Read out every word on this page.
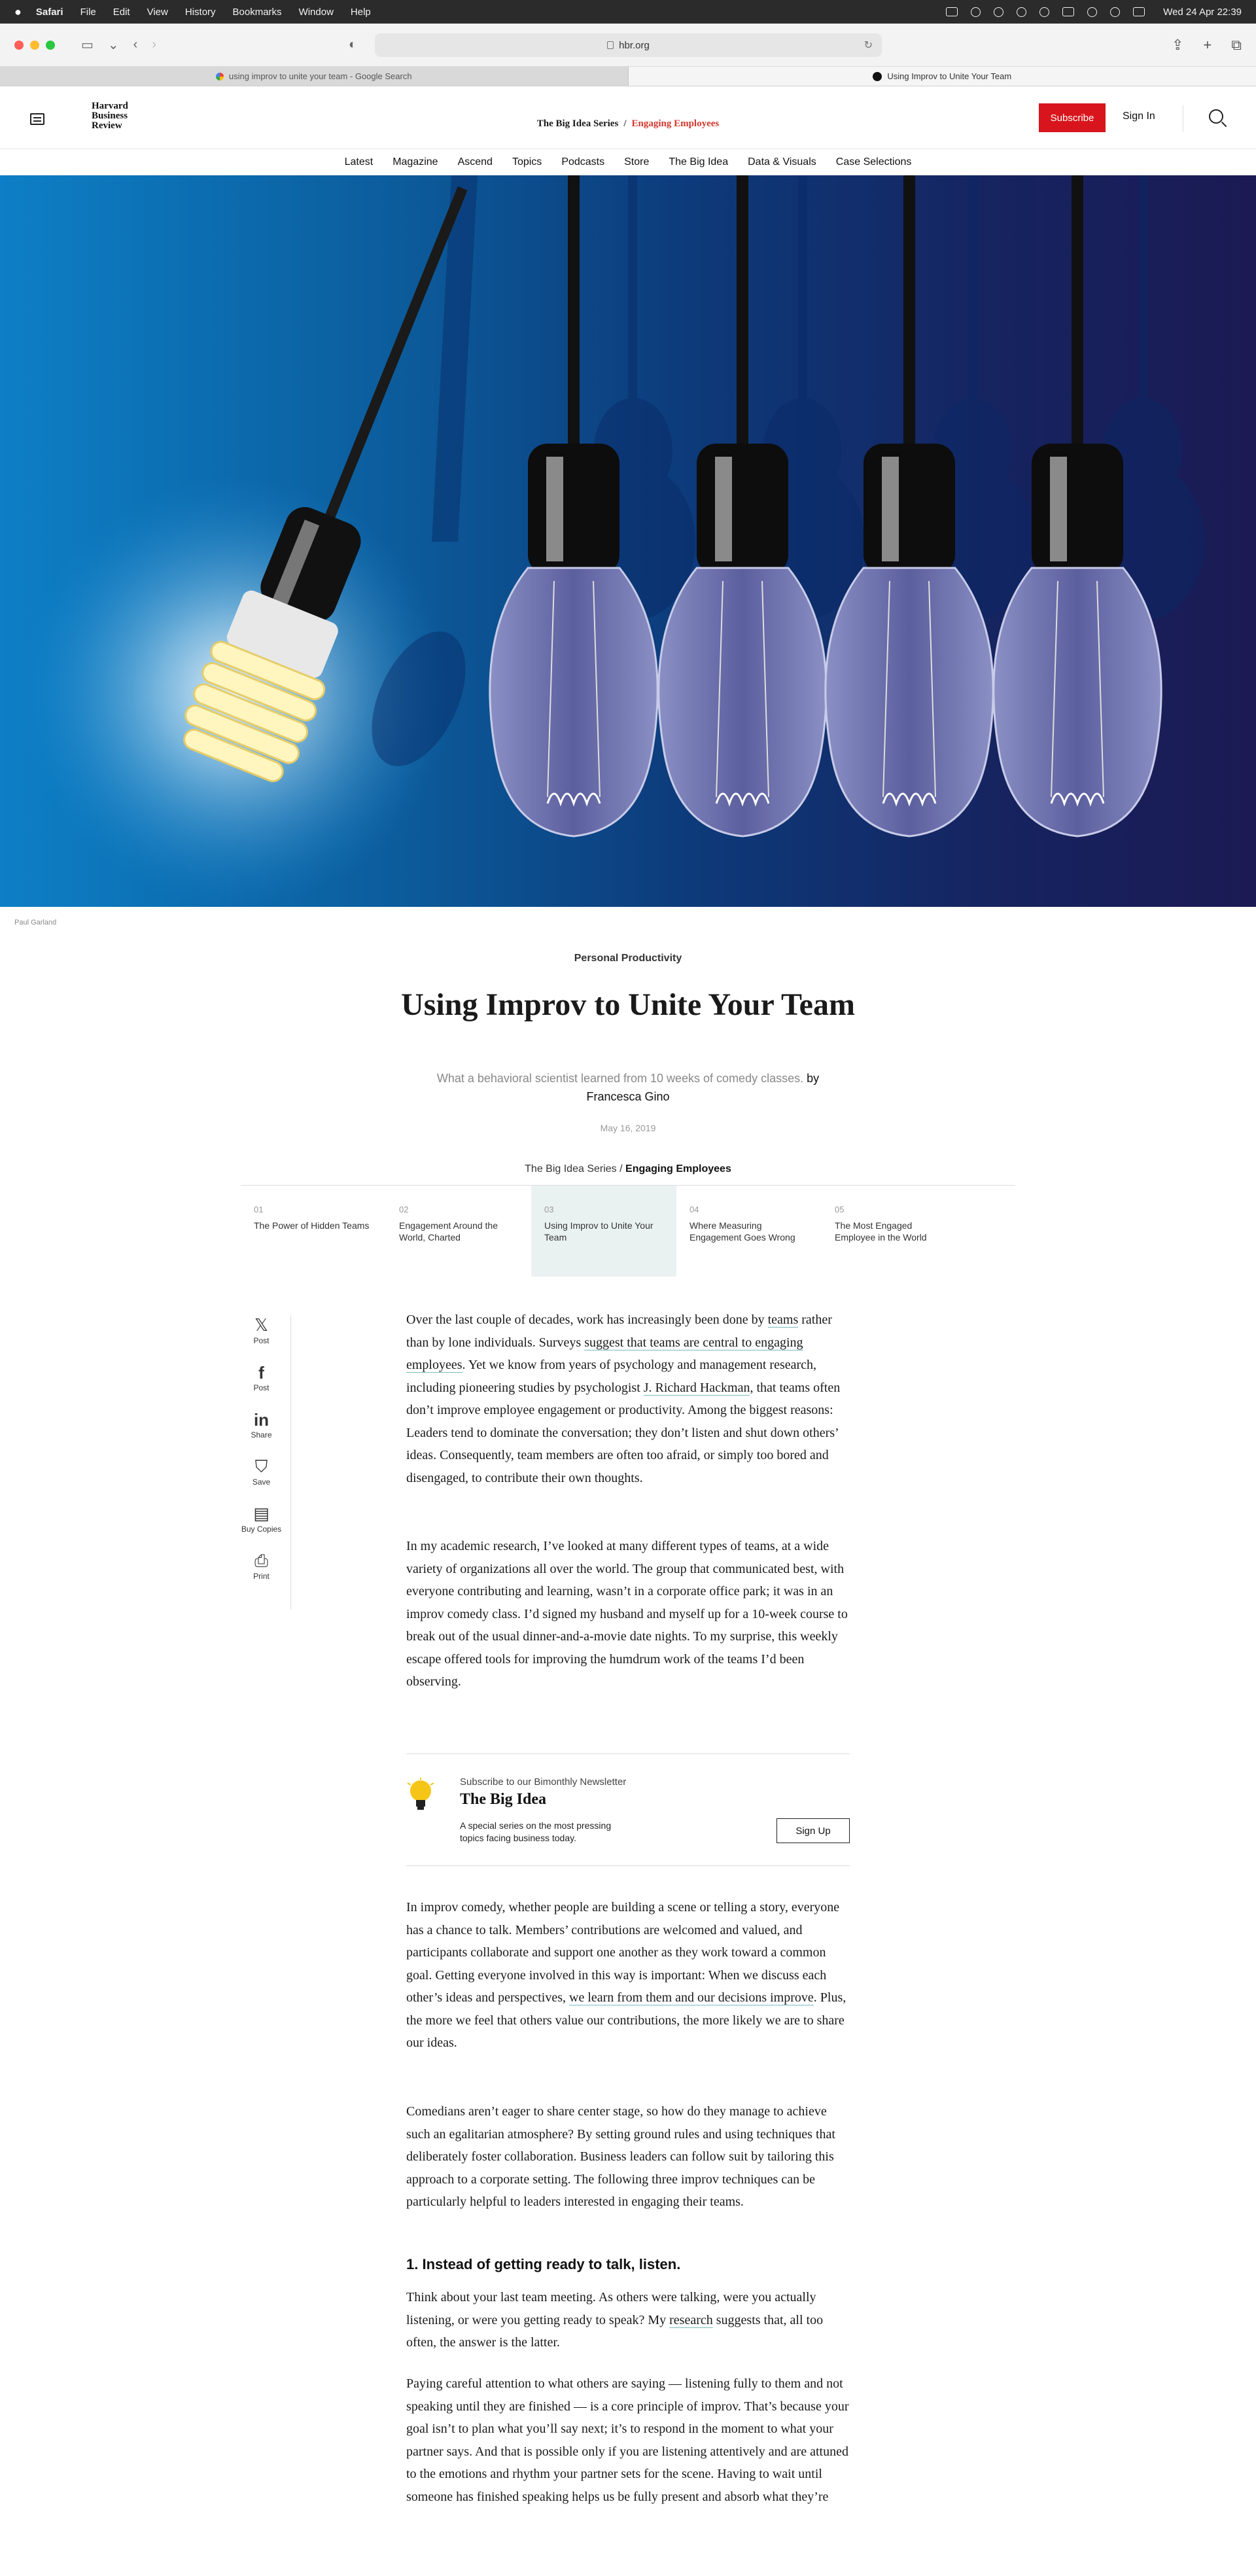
● Safari File Edit View History Bookmarks Window Help	Wed 24 Apr 22:39
▭ ⌄ ‹ ›	◐	hbr.org	↻	⇪ + ⧉
using improv to unite your team - Google Search	Using Improv to Unite Your Team
Harvard
Business
Review	The Big Idea Series / Engaging Employees
Subscribe	Sign In
Latest Magazine Ascend Topics Podcasts Store The Big Idea Data & Visuals Case Selections
Paul Garland
Personal Productivity
Using Improv to Unite Your Team
What a behavioral scientist learned from 10 weeks of comedy classes. by
Francesca Gino
May 16, 2019
The Big Idea Series / Engaging Employees
01
The Power of Hidden Teams
02
Engagement Around the World, Charted
03
Using Improv to Unite Your Team
04
Where Measuring Engagement Goes Wrong
05
The Most Engaged Employee in the World
𝕏
Post
f
Post
in
Share
⛉
Save
▤
Buy Copies
⎙
Print

Over the last couple of decades, work has increasingly been done by teams rather than by lone individuals. Surveys suggest that teams are central to engaging employees. Yet we know from years of psychology and management research, including pioneering studies by psychologist J. Richard Hackman, that teams often don’t improve employee engagement or productivity. Among the biggest reasons: Leaders tend to dominate the conversation; they don’t listen and shut down others’ ideas. Consequently, team members are often too afraid, or simply too bored and disengaged, to contribute their own thoughts.

In my academic research, I’ve looked at many different types of teams, at a wide variety of organizations all over the world. The group that communicated best, with everyone contributing and learning, wasn’t in a corporate office park; it was in an improv comedy class. I’d signed my husband and myself up for a 10-week course to break out of the usual dinner-and-a-movie date nights. To my surprise, this weekly escape offered tools for improving the humdrum work of the teams I’d been observing.

Subscribe to our Bimonthly Newsletter
The Big Idea
A special series on the most pressing topics facing business today.
Sign Up

In improv comedy, whether people are building a scene or telling a story, everyone has a chance to talk. Members’ contributions are welcomed and valued, and participants collaborate and support one another as they work toward a common goal. Getting everyone involved in this way is important: When we discuss each other’s ideas and perspectives, we learn from them and our decisions improve. Plus, the more we feel that others value our contributions, the more likely we are to share our ideas.

Comedians aren’t eager to share center stage, so how do they manage to achieve such an egalitarian atmosphere? By setting ground rules and using techniques that deliberately foster collaboration. Business leaders can follow suit by tailoring this approach to a corporate setting. The following three improv techniques can be particularly helpful to leaders interested in engaging their teams.

1. Instead of getting ready to talk, listen.

Think about your last team meeting. As others were talking, were you actually listening, or were you getting ready to speak? My research suggests that, all too often, the answer is the latter.

Paying careful attention to what others are saying — listening fully to them and not speaking until they are finished — is a core principle of improv. That’s because your goal isn’t to plan what you’ll say next; it’s to respond in the moment to what your partner says. And that is possible only if you are listening attentively and are attuned to the emotions and rhythm your partner sets for the scene. Having to wait until someone has finished speaking helps us be fully present and absorb what they’re
